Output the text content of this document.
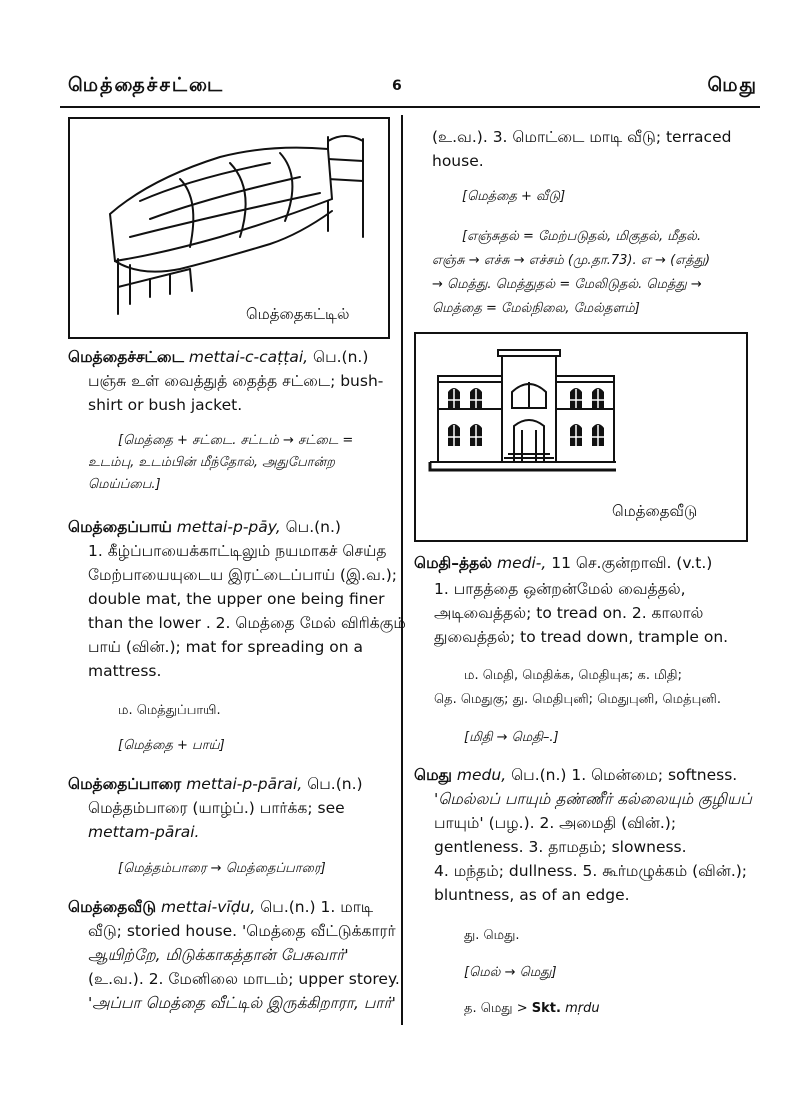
மெத்தைச்சட்டை	6	மெது
மெத்தைகட்டில்
மெத்தைச்சட்டை mettai-c-caṭṭai, பெ.(n.)
பஞ்சு உள் வைத்துத் தைத்த சட்டை; bush-
shirt or bush jacket.
[மெத்தை + சட்டை. சட்டம் → சட்டை =
உடம்பு, உடம்பின் மீந்தோல், அதுபோன்ற
மெய்ப்பை.]
மெத்தைப்பாய் mettai-p-pāy, பெ.(n.)
1. கீழ்ப்பாயைக்காட்டிலும் நயமாகச் செய்த
மேற்பாயையுடைய இரட்டைப்பாய் (இ.வ.);
double mat, the upper one being finer
than the lower . 2. மெத்தை மேல் விரிக்கும்
பாய் (வின்.); mat for spreading on a
mattress.
ம. மெத்துப்பாயி.
[மெத்தை + பாய்]
மெத்தைப்பாரை mettai-p-pārai, பெ.(n.)
மெத்தம்பாரை (யாழ்ப்.) பார்க்க; see
mettam-pārai.
[மெத்தம்பாரை → மெத்தைப்பாரை]
மெத்தைவீடு mettai-vīḍu, பெ.(n.) 1. மாடி
வீடு; storied house. 'மெத்தை வீட்டுக்காரர்
ஆயிற்றே, மிடுக்காகத்தான் பேசுவார்'
(உ.வ.). 2. மேனிலை மாடம்; upper storey.
'அப்பா மெத்தை வீட்டில் இருக்கிறாரா, பார்'
(உ.வ.). 3. மொட்டை மாடி வீடு; terraced
house.
[மெத்தை + வீடு]
[எஞ்சுதல் = மேற்படுதல், மிகுதல், மீதல்.
எஞ்சு → எச்சு → எச்சம் (மு.தா.73). எ → (எத்து)
→ மெத்து. மெத்துதல் = மேலிடுதல். மெத்து →
மெத்தை = மேல்நிலை, மேல்தளம்]
மெத்தைவீடு
மெதி–த்தல் medi-, 11 செ.குன்றாவி. (v.t.)
1. பாதத்தை ஒன்றன்மேல் வைத்தல்,
அடிவைத்தல்; to tread on. 2. காலால்
துவைத்தல்; to tread down, trample on.
ம. மெதி, மெதிக்க, மெதியுக; க. மிதி;
தெ. மெதுகு; து. மெதிபுனி; மெதுபுனி, மெத்புனி.
[மிதி → மெதி–.]
மெது medu, பெ.(n.) 1. மென்மை; softness.
'மெல்லப் பாயும் தண்ணீர் கல்லையும் குழியப்
பாயும்' (பழ.). 2. அமைதி (வின்.);
gentleness. 3. தாமதம்; slowness.
4. மந்தம்; dullness. 5. கூர்மழுக்கம் (வின்.);
bluntness, as of an edge.
து. மெது.
[மெல் → மெது]
த. மெது > Skt. mṛdu
